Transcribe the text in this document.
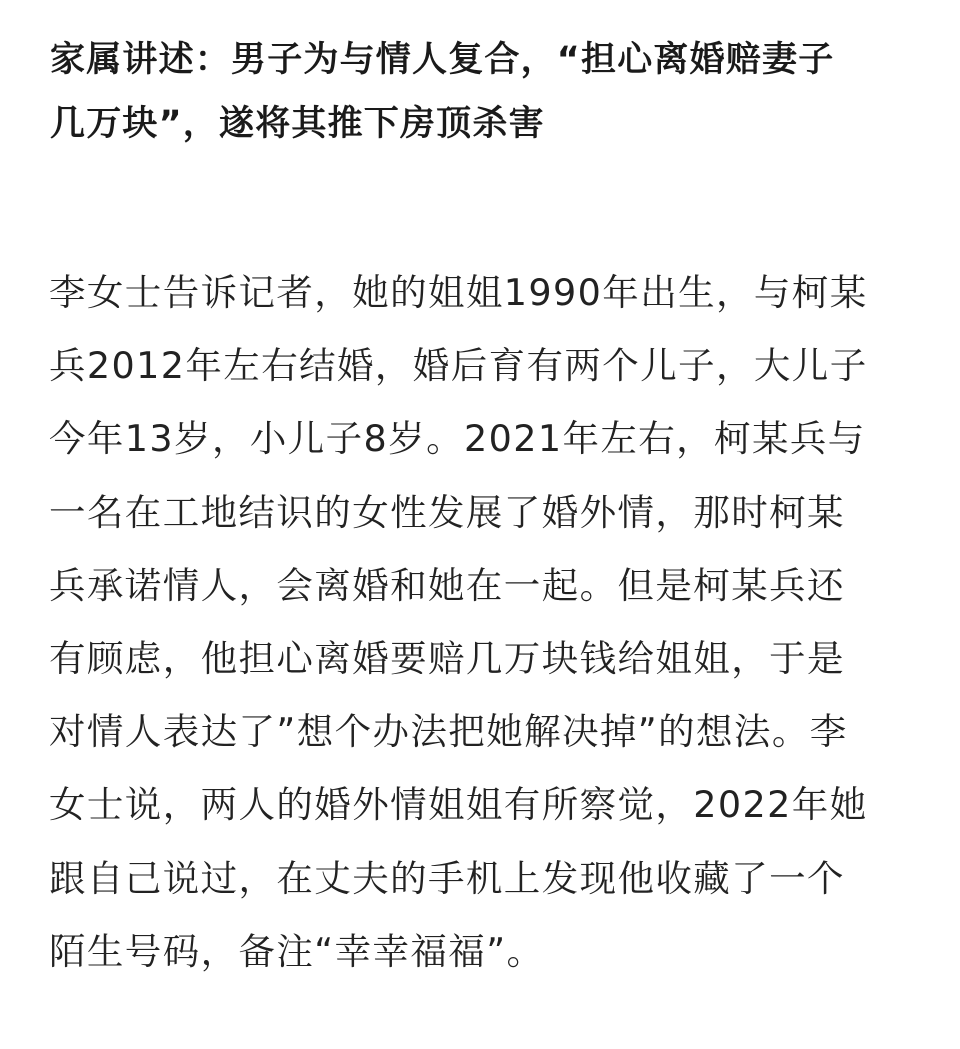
家属讲述：男子为与情人复合，“担心离婚赔妻子
几万块”，遂将其推下房顶杀害

李女士告诉记者，她的姐姐1990年出生，与柯某
兵2012年左右结婚，婚后育有两个儿子，大儿子
今年13岁，小儿子8岁。2021年左右，柯某兵与
一名在工地结识的女性发展了婚外情，那时柯某
兵承诺情人，会离婚和她在一起。但是柯某兵还
有顾虑，他担心离婚要赔几万块钱给姐姐，于是
对情人表达了”想个办法把她解决掉”的想法。李
女士说，两人的婚外情姐姐有所察觉，2022年她
跟自己说过，在丈夫的手机上发现他收藏了一个
陌生号码，备注“幸幸福福”。
